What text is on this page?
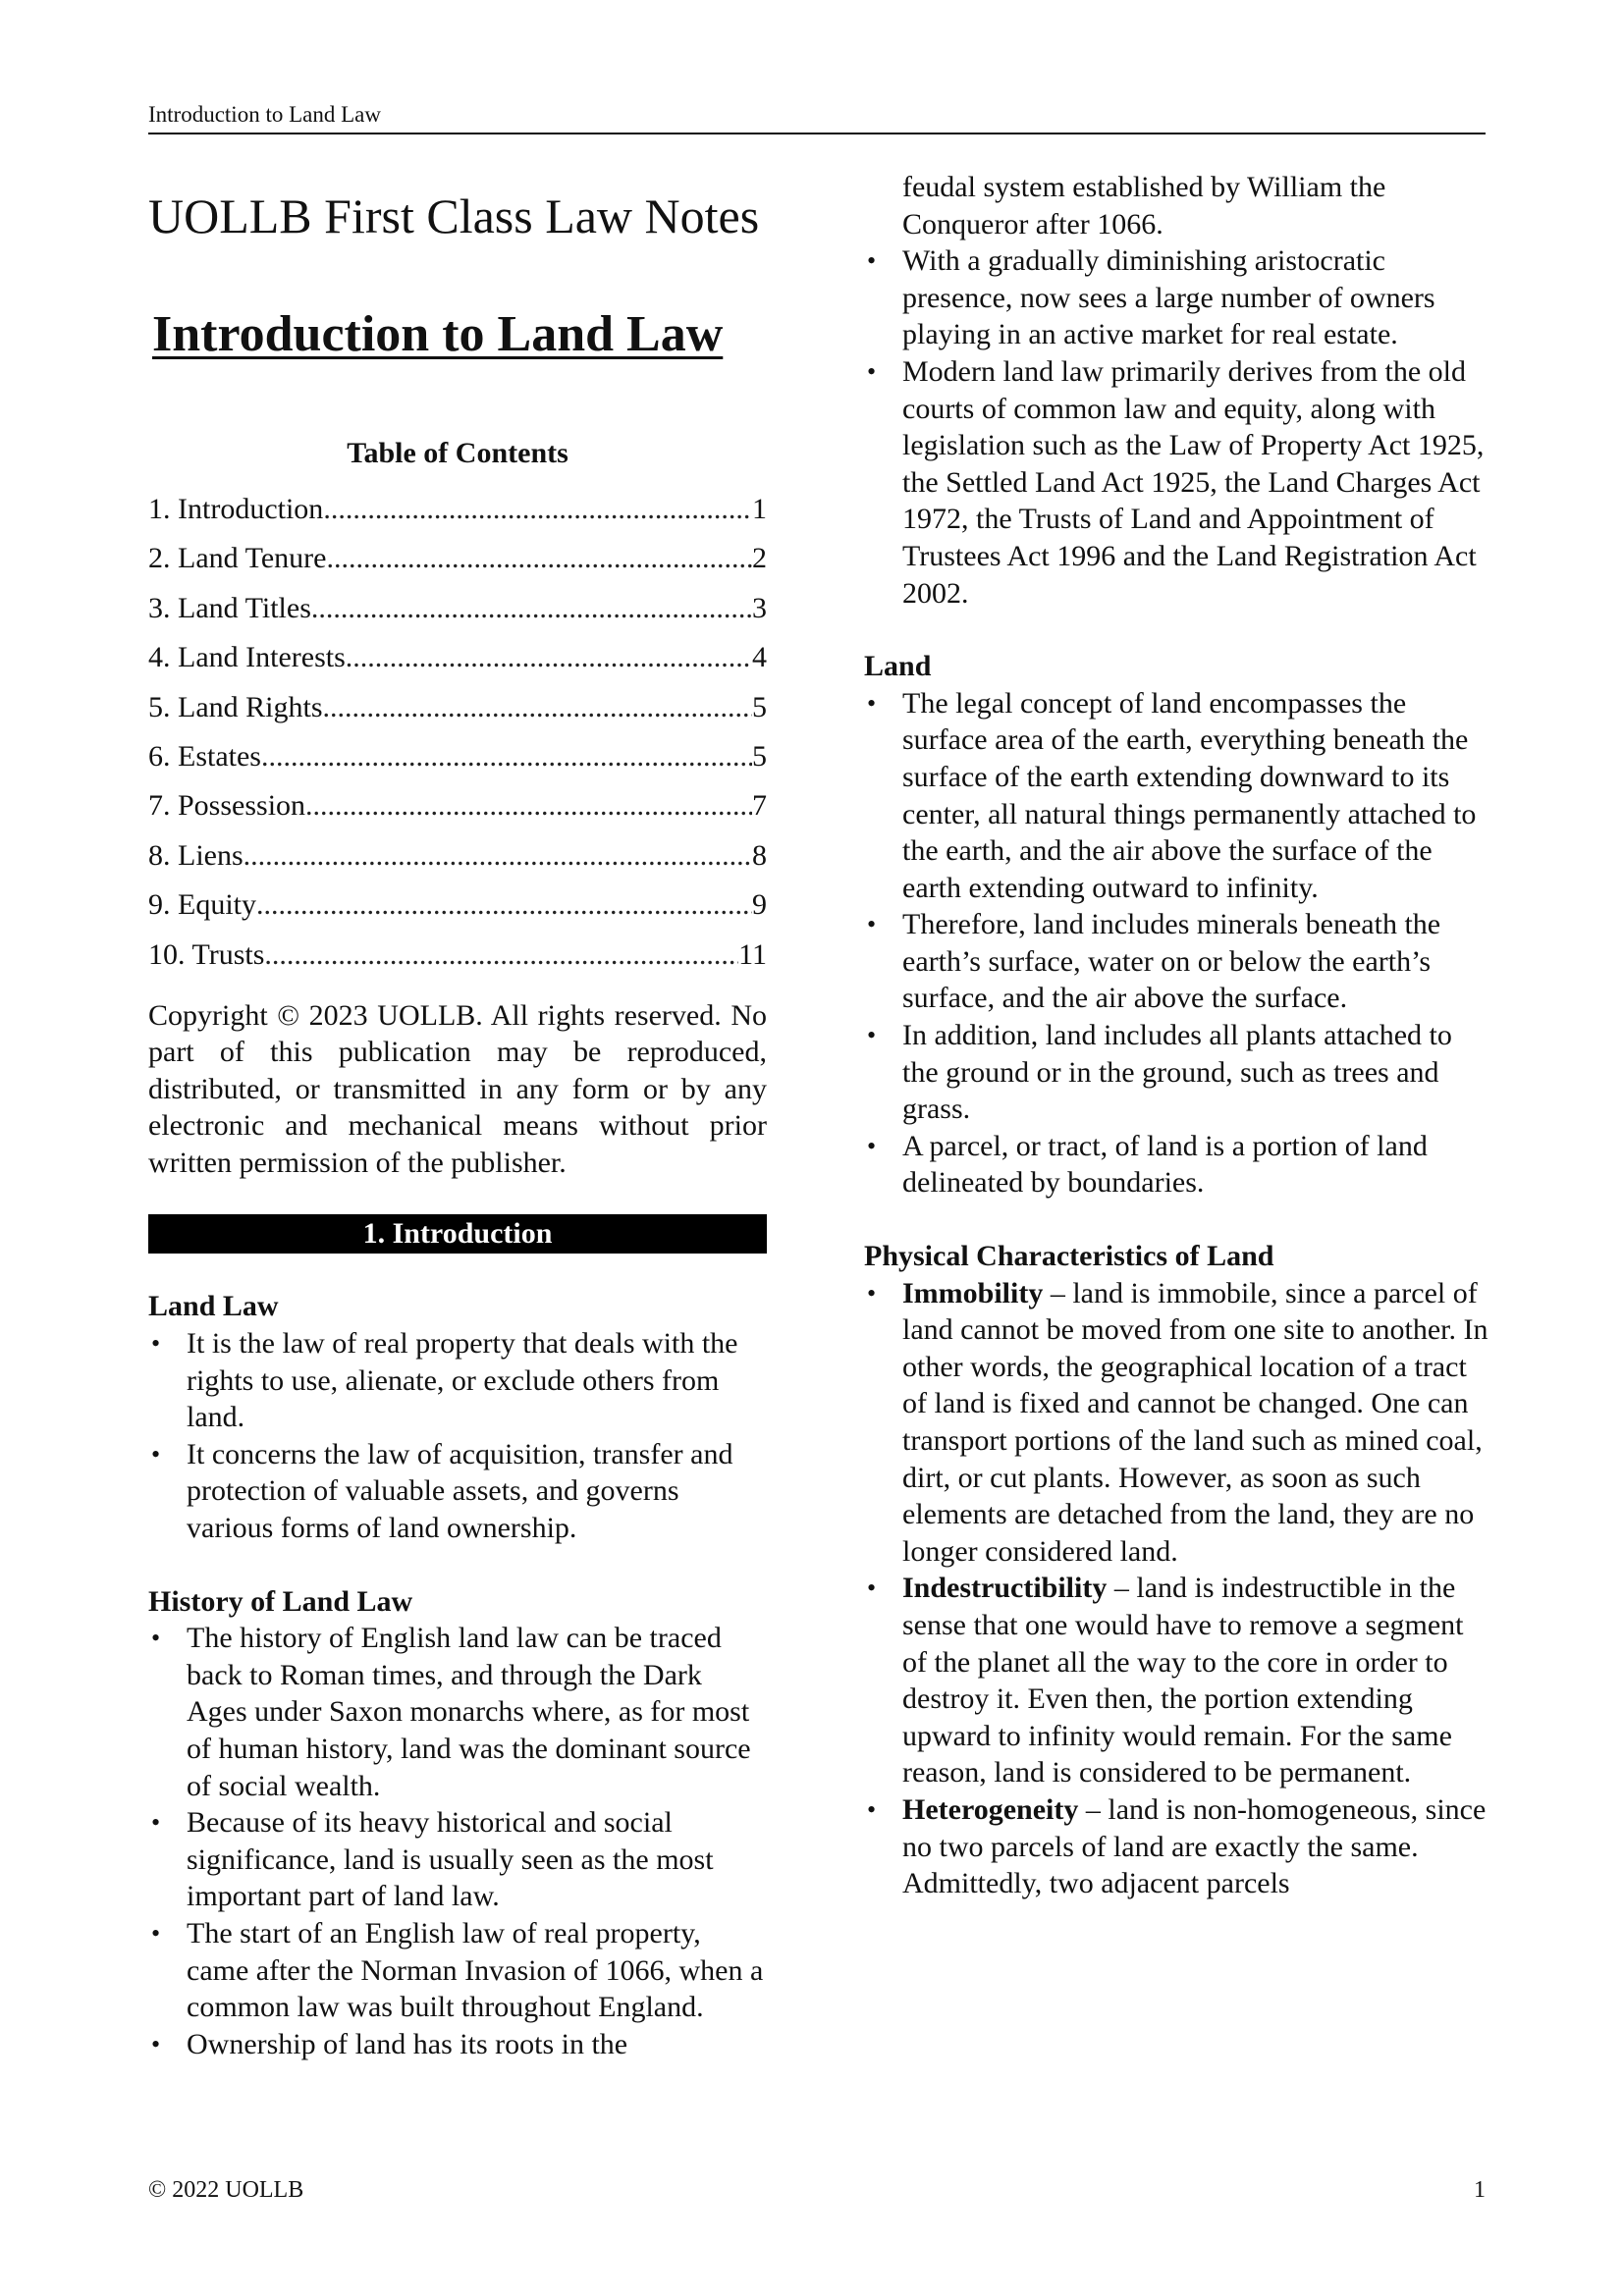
Introduction to Land Law
UOLLB First Class Law Notes
Introduction to Land Law
Table of Contents
1. Introduction .....	1
2. Land Tenure .....	2
3. Land Titles .....	3
4. Land Interests .....	4
5. Land Rights .....	5
6. Estates .....	5
7. Possession .....	7
8. Liens .....	8
9. Equity .....	9
10. Trusts .....	11

Copyright © 2023 UOLLB. All rights reserved. No part of this publication may be reproduced, distributed, or transmitted in any form or by any electronic and mechanical means without prior written permission of the publisher.

1. Introduction
Land Law
• It is the law of real property that deals with the rights to use, alienate, or exclude others from land.
• It concerns the law of acquisition, transfer and protection of valuable assets, and governs various forms of land ownership.
History of Land Law
• The history of English land law can be traced back to Roman times, and through the Dark Ages under Saxon monarchs where, as for most of human history, land was the dominant source of social wealth.
• Because of its heavy historical and social significance, land is usually seen as the most important part of land law.
• The start of an English law of real property, came after the Norman Invasion of 1066, when a common law was built throughout England.
• Ownership of land has its roots in the
feudal system established by William the Conqueror after 1066.
• With a gradually diminishing aristocratic presence, now sees a large number of owners playing in an active market for real estate.
• Modern land law primarily derives from the old courts of common law and equity, along with legislation such as the Law of Property Act 1925, the Settled Land Act 1925, the Land Charges Act 1972, the Trusts of Land and Appointment of Trustees Act 1996 and the Land Registration Act 2002.
Land
• The legal concept of land encompasses the surface area of the earth, everything beneath the surface of the earth extending downward to its center, all natural things permanently attached to the earth, and the air above the surface of the earth extending outward to infinity.
• Therefore, land includes minerals beneath the earth’s surface, water on or below the earth’s surface, and the air above the surface.
• In addition, land includes all plants attached to the ground or in the ground, such as trees and grass.
• A parcel, or tract, of land is a portion of land delineated by boundaries.
Physical Characteristics of Land
• Immobility – land is immobile, since a parcel of land cannot be moved from one site to another. In other words, the geographical location of a tract of land is fixed and cannot be changed. One can transport portions of the land such as mined coal, dirt, or cut plants. However, as soon as such elements are detached from the land, they are no longer considered land.
• Indestructibility – land is indestructible in the sense that one would have to remove a segment of the planet all the way to the core in order to destroy it. Even then, the portion extending upward to infinity would remain. For the same reason, land is considered to be permanent.
• Heterogeneity – land is non-homogeneous, since no two parcels of land are exactly the same. Admittedly, two adjacent parcels
© 2022 UOLLB	1
